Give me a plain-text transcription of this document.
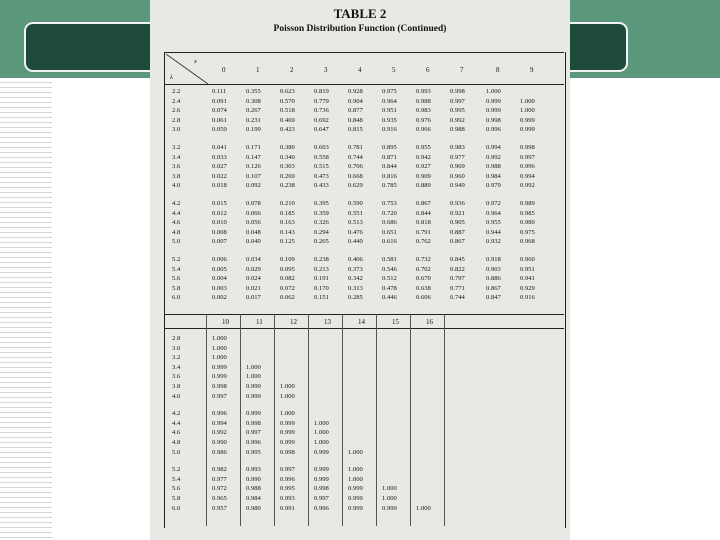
TABLE 2
Poisson Distribution Function (Continued)
x
λ
0	1	2	3	4	5	6	7	8	9
2.2	0.111	0.355	0.623	0.819	0.928	0.975	0.993	0.998	1.000
2.4	0.091	0.308	0.570	0.779	0.904	0.964	0.988	0.997	0.999	1.000
2.6	0.074	0.267	0.518	0.736	0.877	0.951	0.983	0.995	0.999	1.000
2.8	0.061	0.231	0.469	0.692	0.848	0.935	0.976	0.992	0.998	0.999
3.0	0.050	0.199	0.423	0.647	0.815	0.916	0.966	0.988	0.996	0.999
3.2	0.041	0.171	0.380	0.603	0.781	0.895	0.955	0.983	0.994	0.998
3.4	0.033	0.147	0.340	0.558	0.744	0.871	0.942	0.977	0.992	0.997
3.6	0.027	0.126	0.303	0.515	0.706	0.844	0.927	0.969	0.988	0.996
3.8	0.022	0.107	0.269	0.473	0.668	0.816	0.909	0.960	0.984	0.994
4.0	0.018	0.092	0.238	0.433	0.629	0.785	0.889	0.949	0.979	0.992
4.2	0.015	0.078	0.210	0.395	0.590	0.753	0.867	0.936	0.972	0.989
4.4	0.012	0.066	0.185	0.359	0.551	0.720	0.844	0.921	0.964	0.985
4.6	0.010	0.056	0.163	0.326	0.513	0.686	0.818	0.905	0.955	0.980
4.8	0.008	0.048	0.143	0.294	0.476	0.651	0.791	0.887	0.944	0.975
5.0	0.007	0.040	0.125	0.265	0.440	0.616	0.762	0.867	0.932	0.968
5.2	0.006	0.034	0.109	0.238	0.406	0.581	0.732	0.845	0.918	0.960
5.4	0.005	0.029	0.095	0.213	0.373	0.546	0.702	0.822	0.903	0.951
5.6	0.004	0.024	0.082	0.191	0.342	0.512	0.670	0.797	0.886	0.941
5.8	0.003	0.021	0.072	0.170	0.313	0.478	0.638	0.771	0.867	0.929
6.0	0.002	0.017	0.062	0.151	0.285	0.446	0.606	0.744	0.847	0.916
10	11	12	13	14	15	16
2.8	1.000
3.0	1.000
3.2	1.000
3.4	0.999	1.000
3.6	0.999	1.000
3.8	0.998	0.999	1.000
4.0	0.997	0.999	1.000
4.2	0.996	0.999	1.000
4.4	0.994	0.998	0.999	1.000
4.6	0.992	0.997	0.999	1.000
4.8	0.990	0.996	0.999	1.000
5.0	0.986	0.995	0.998	0.999	1.000
5.2	0.982	0.993	0.997	0.999	1.000
5.4	0.977	0.990	0.996	0.999	1.000
5.6	0.972	0.988	0.995	0.998	0.999	1.000
5.8	0.965	0.984	0.993	0.997	0.999	1.000
6.0	0.957	0.980	0.991	0.996	0.999	0.999	1.000
